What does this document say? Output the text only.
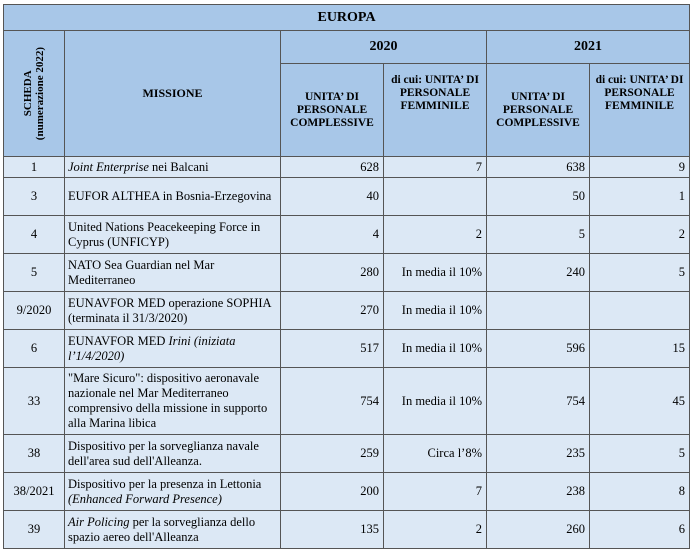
EUROPA					

SCHEDA (numerazione 2022)	MISSIONE	2020		2021	
		UNITA’ DI PERSONALE COMPLESSIVE	di cui: UNITA’ DI PERSONALE FEMMINILE	UNITA’ DI PERSONALE COMPLESSIVE	di cui: UNITA’ DI PERSONALE FEMMINILE
1	Joint Enterprise nei Balcani	628	7	638	9
3	EUFOR ALTHEA in Bosnia-Erzegovina	40		50	1
4	United Nations Peacekeeping Force in Cyprus (UNFICYP)	4	2	5	2
5	NATO Sea Guardian nel Mar Mediterraneo	280	In media il 10%	240	5
9/2020	EUNAVFOR MED operazione SOPHIA (terminata il 31/3/2020)	270	In media il 10%		
6	EUNAVFOR MED Irini (iniziata l’1/4/2020)	517	In media il 10%	596	15
33	"Mare Sicuro": dispositivo aeronavale nazionale nel Mar Mediterraneo comprensivo della missione in supporto alla Marina libica	754	In media il 10%	754	45
38	Dispositivo per la sorveglianza navale dell'area sud dell'Alleanza.	259	Circa l’8%	235	5
38/2021	Dispositivo per la presenza in Lettonia (Enhanced Forward Presence)	200	7	238	8
39	Air Policing per la sorveglianza dello spazio aereo dell'Alleanza	135	2	260	6
